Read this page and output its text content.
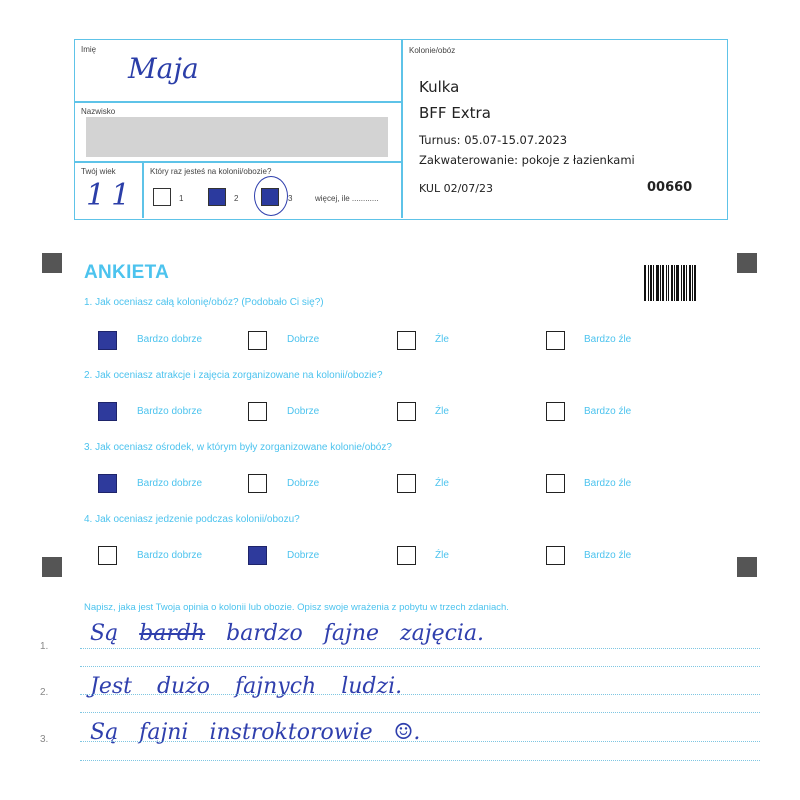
Imię
Maja
Nazwisko
Twój wiek
11
Który raz jesteś na kolonii/obozie?
1	2	3	więcej, ile ............
Kolonie/obóz
Kulka
BFF Extra
Turnus: 05.07-15.07.2023
Zakwaterowanie: pokoje z łazienkami
KUL 02/07/23	00660
ANKIETA
1. Jak oceniasz całą kolonię/obóz? (Podobało Ci się?)
Bardzo dobrze	Dobrze	Źle	Bardzo źle
2. Jak oceniasz atrakcje i zajęcia zorganizowane na kolonii/obozie?
Bardzo dobrze	Dobrze	Źle	Bardzo źle
3. Jak oceniasz ośrodek, w którym były zorganizowane kolonie/obóz?
Bardzo dobrze	Dobrze	Źle	Bardzo źle
4. Jak oceniasz jedzenie podczas kolonii/obozu?
Bardzo dobrze	Dobrze	Źle	Bardzo źle
Napisz, jaka jest Twoja opinia o kolonii lub obozie. Opisz swoje wrażenia z pobytu w trzech zdaniach.
1.
Są bardh bardzo fajne zajęcia.
2. Jest dużo fajnych ludzi.
3. Są fajni instroktorowie ☺.
